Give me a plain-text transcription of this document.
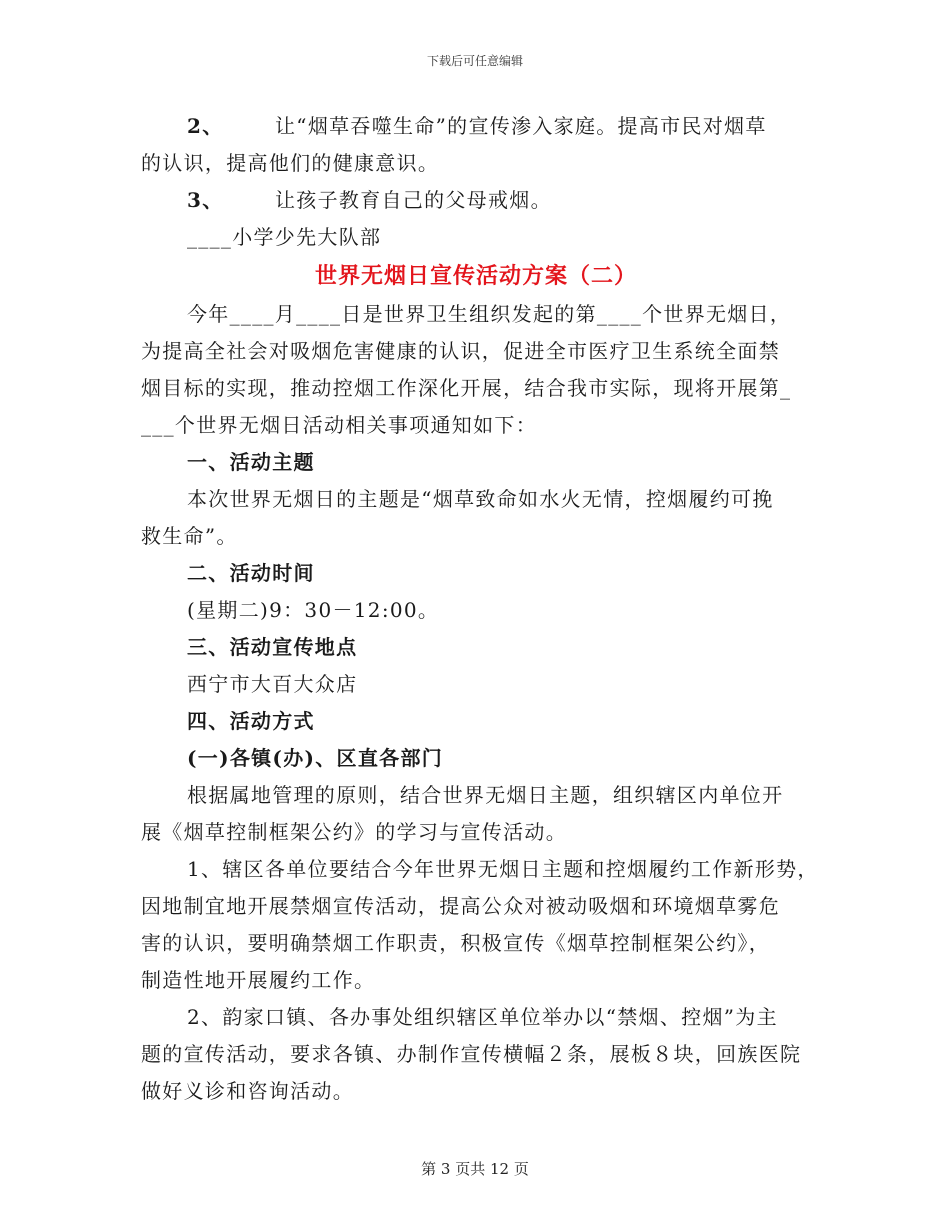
下载后可任意编辑
2、	让“烟草吞噬生命”的宣传渗入家庭。提高市民对烟草
的认识，提高他们的健康意识。
3、	让孩子教育自己的父母戒烟。
____小学少先大队部
世界无烟日宣传活动方案（二）
今年____月____日是世界卫生组织发起的第____个世界无烟日，
为提高全社会对吸烟危害健康的认识，促进全市医疗卫生系统全面禁
烟目标的实现，推动控烟工作深化开展，结合我市实际，现将开展第_
___个世界无烟日活动相关事项通知如下：
一、活动主题
本次世界无烟日的主题是“烟草致命如水火无情，控烟履约可挽
救生命”。
二、活动时间
(星期二)9：30－12:00。
三、活动宣传地点
西宁市大百大众店
四、活动方式
(一)各镇(办)、区直各部门
根据属地管理的原则，结合世界无烟日主题，组织辖区内单位开
展《烟草控制框架公约》的学习与宣传活动。
1、辖区各单位要结合今年世界无烟日主题和控烟履约工作新形势，
因地制宜地开展禁烟宣传活动，提高公众对被动吸烟和环境烟草雾危
害的认识，要明确禁烟工作职责，积极宣传《烟草控制框架公约》，
制造性地开展履约工作。
2、韵家口镇、各办事处组织辖区单位举办以“禁烟、控烟”为主
题的宣传活动，要求各镇、办制作宣传横幅２条，展板８块，回族医院
做好义诊和咨询活动。
第 3 页共 12 页
